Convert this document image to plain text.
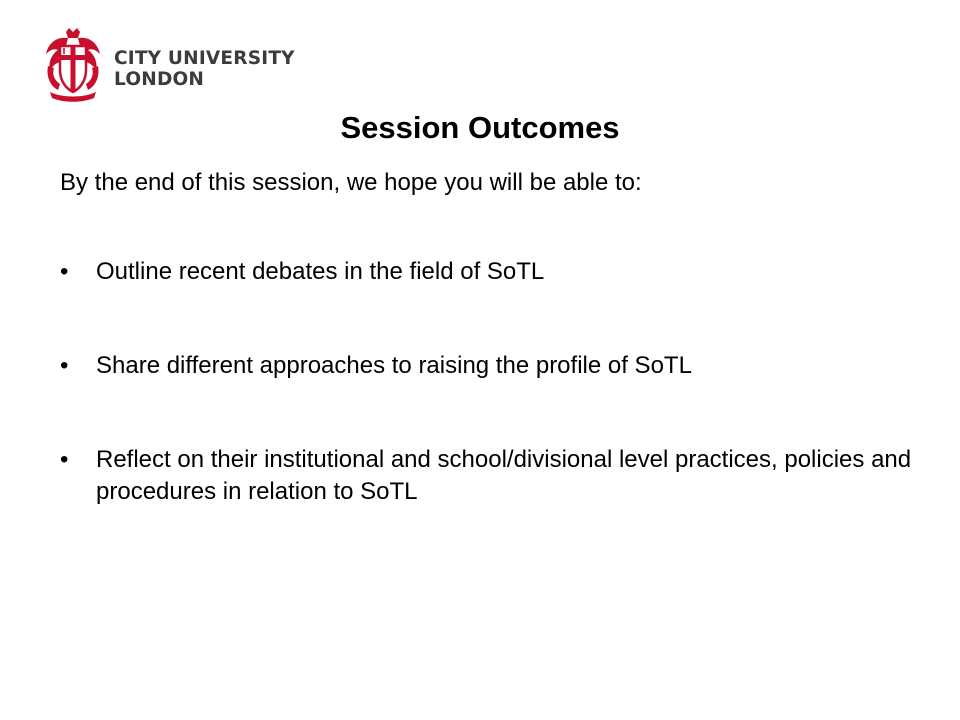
CITY UNIVERSITY
LONDON
Session Outcomes
By the end of this session, we hope you will be able to:
• Outline recent debates in the field of SoTL
• Share different approaches to raising the profile of SoTL
• Reflect on their institutional and school/divisional level practices, policies and procedures in relation to SoTL
